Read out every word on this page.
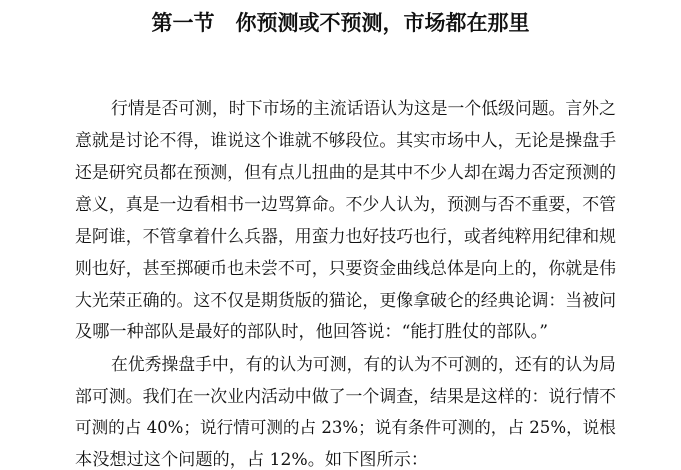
第一节　你预测或不预测，市场都在那里
行情是否可测，时下市场的主流话语认为这是一个低级问题。言外之
意就是讨论不得，谁说这个谁就不够段位。其实市场中人，无论是操盘手
还是研究员都在预测，但有点儿扭曲的是其中不少人却在竭力否定预测的
意义，真是一边看相书一边骂算命。不少人认为，预测与否不重要，不管
是阿谁，不管拿着什么兵器，用蛮力也好技巧也行，或者纯粹用纪律和规
则也好，甚至掷硬币也未尝不可，只要资金曲线总体是向上的，你就是伟
大光荣正确的。这不仅是期货版的猫论，更像拿破仑的经典论调：当被问
及哪一种部队是最好的部队时，他回答说：“能打胜仗的部队。”
在优秀操盘手中，有的认为可测，有的认为不可测的，还有的认为局
部可测。我们在一次业内活动中做了一个调查，结果是这样的：说行情不
可测的占 40%；说行情可测的占 23%；说有条件可测的，占 25%，说根
本没想过这个问题的，占 12%。如下图所示：
